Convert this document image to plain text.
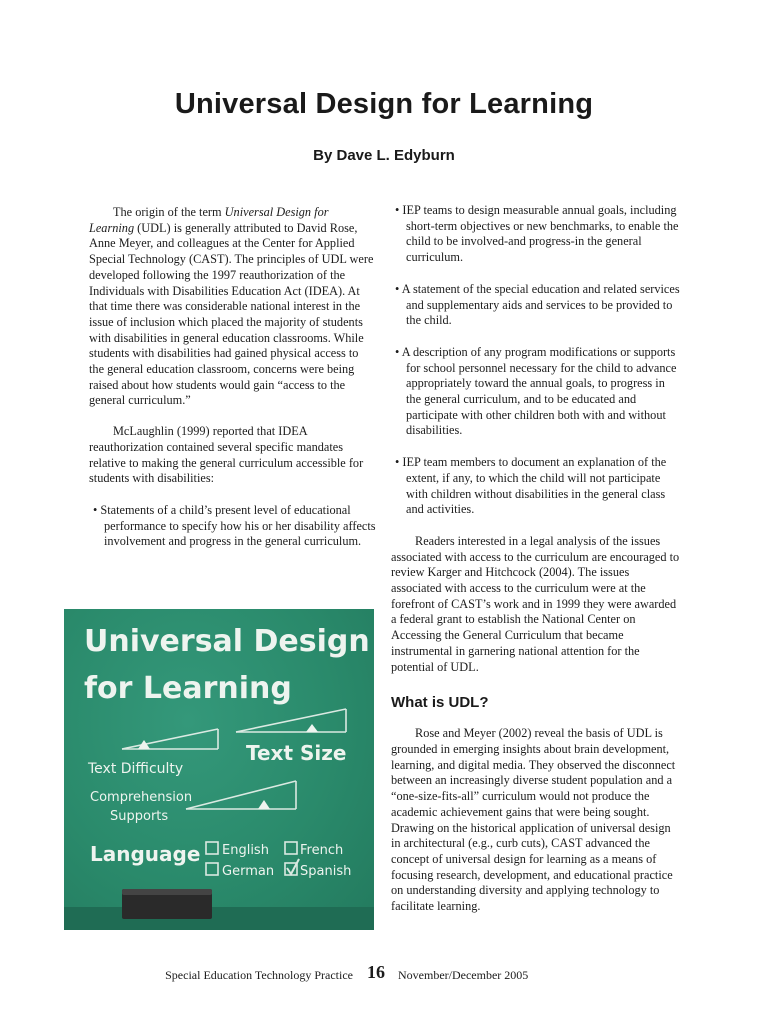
Universal Design for Learning
By Dave L. Edyburn

The origin of the term Universal Design for Learning (UDL) is generally attributed to David Rose, Anne Meyer, and colleagues at the Center for Applied Special Technology (CAST). The principles of UDL were developed following the 1997 reauthorization of the Individuals with Disabilities Education Act (IDEA). At that time there was considerable national interest in the issue of inclusion which placed the majority of students with disabilities in general education classrooms. While students with disabilities had gained physical access to the general education classroom, concerns were being raised about how students would gain “access to the general curriculum.”

McLaughlin (1999) reported that IDEA reauthorization contained several specific mandates relative to making the general curriculum accessible for students with disabilities:

• Statements of a child’s present level of educational performance to specify how his or her disability affects involvement and progress in the general curriculum.

Universal Design
for Learning
Text Size
Text Difficulty
Comprehension
Supports
Language English French
German Spanish

• IEP teams to design measurable annual goals, including short-term objectives or new benchmarks, to enable the child to be involved-and progress-in the general curriculum.

• A statement of the special education and related services and supplementary aids and services to be provided to the child.

• A description of any program modifications or supports for school personnel necessary for the child to advance appropriately toward the annual goals, to progress in the general curriculum, and to be educated and participate with other children both with and without disabilities.

• IEP team members to document an explanation of the extent, if any, to which the child will not participate with children without disabilities in the general class and activities.

Readers interested in a legal analysis of the issues associated with access to the curriculum are encouraged to review Karger and Hitchcock (2004). The issues associated with access to the curriculum were at the forefront of CAST’s work and in 1999 they were awarded a federal grant to establish the National Center on Accessing the General Curriculum that became instrumental in garnering national attention for the potential of UDL.

What is UDL?

Rose and Meyer (2002) reveal the basis of UDL is grounded in emerging insights about brain development, learning, and digital media. They observed the disconnect between an increasingly diverse student population and a “one-size-fits-all” curriculum would not produce the academic achievement gains that were being sought. Drawing on the historical application of universal design in architectural (e.g., curb cuts), CAST advanced the concept of universal design for learning as a means of focusing research, development, and educational practice on understanding diversity and applying technology to facilitate learning.

Special Education Technology Practice 16 November/December 2005
